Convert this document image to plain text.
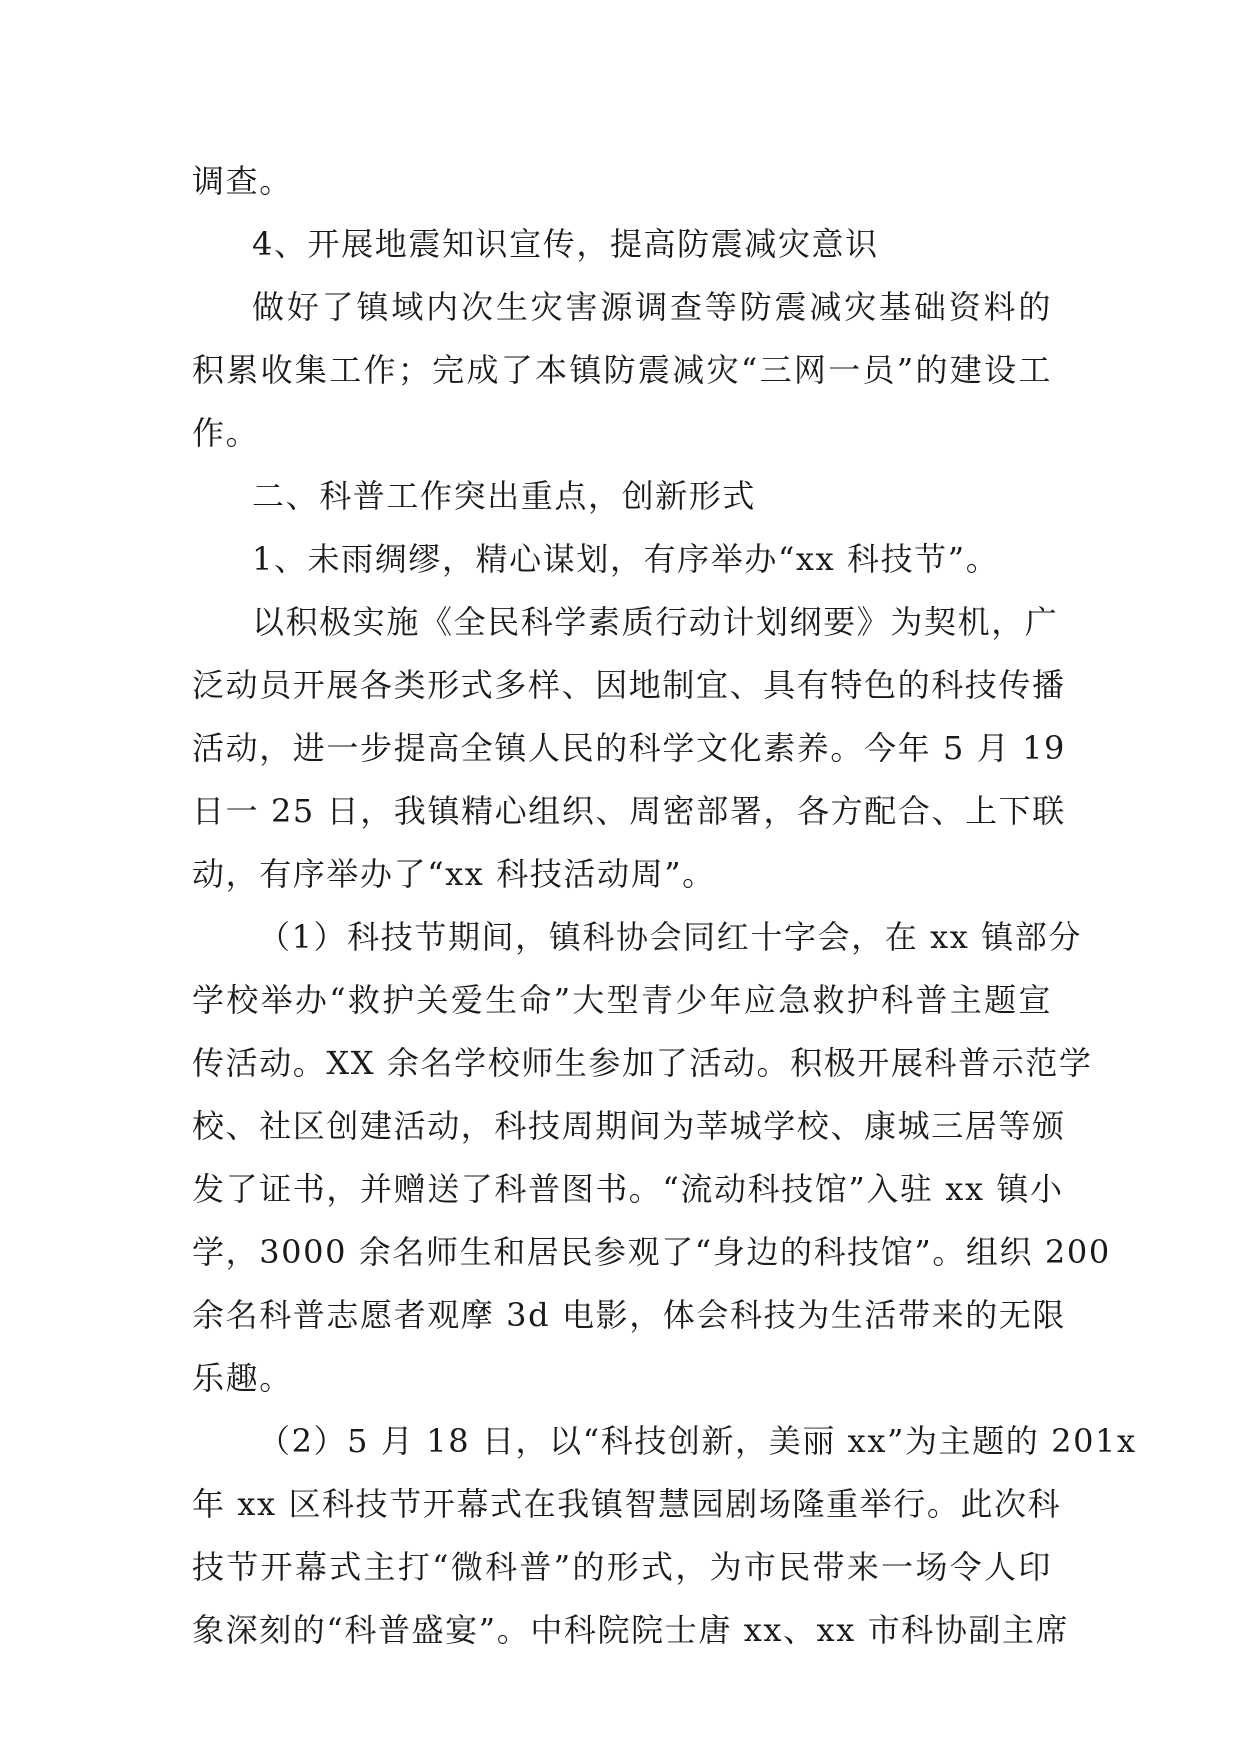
调查。
4、开展地震知识宣传，提高防震减灾意识
做好了镇域内次生灾害源调查等防震减灾基础资料的
积累收集工作；完成了本镇防震减灾“三网一员”的建设工
作。
二、科普工作突出重点，创新形式
1、未雨绸缪，精心谋划，有序举办“xx 科技节”。
以积极实施《全民科学素质行动计划纲要》为契机，广
泛动员开展各类形式多样、因地制宜、具有特色的科技传播
活动，进一步提高全镇人民的科学文化素养。今年 5 月 19
日一 25 日，我镇精心组织、周密部署，各方配合、上下联
动，有序举办了“xx 科技活动周”。
（1）科技节期间，镇科协会同红十字会，在 xx 镇部分
学校举办“救护关爱生命”大型青少年应急救护科普主题宣
传活动。XX 余名学校师生参加了活动。积极开展科普示范学
校、社区创建活动，科技周期间为莘城学校、康城三居等颁
发了证书，并赠送了科普图书。“流动科技馆”入驻 xx 镇小
学，3000 余名师生和居民参观了“身边的科技馆”。组织 200
余名科普志愿者观摩 3d 电影，体会科技为生活带来的无限
乐趣。
（2）5 月 18 日，以“科技创新，美丽 xx”为主题的 201x
年 xx 区科技节开幕式在我镇智慧园剧场隆重举行。此次科
技节开幕式主打“微科普”的形式，为市民带来一场令人印
象深刻的“科普盛宴”。中科院院士唐 xx、xx 市科协副主席
